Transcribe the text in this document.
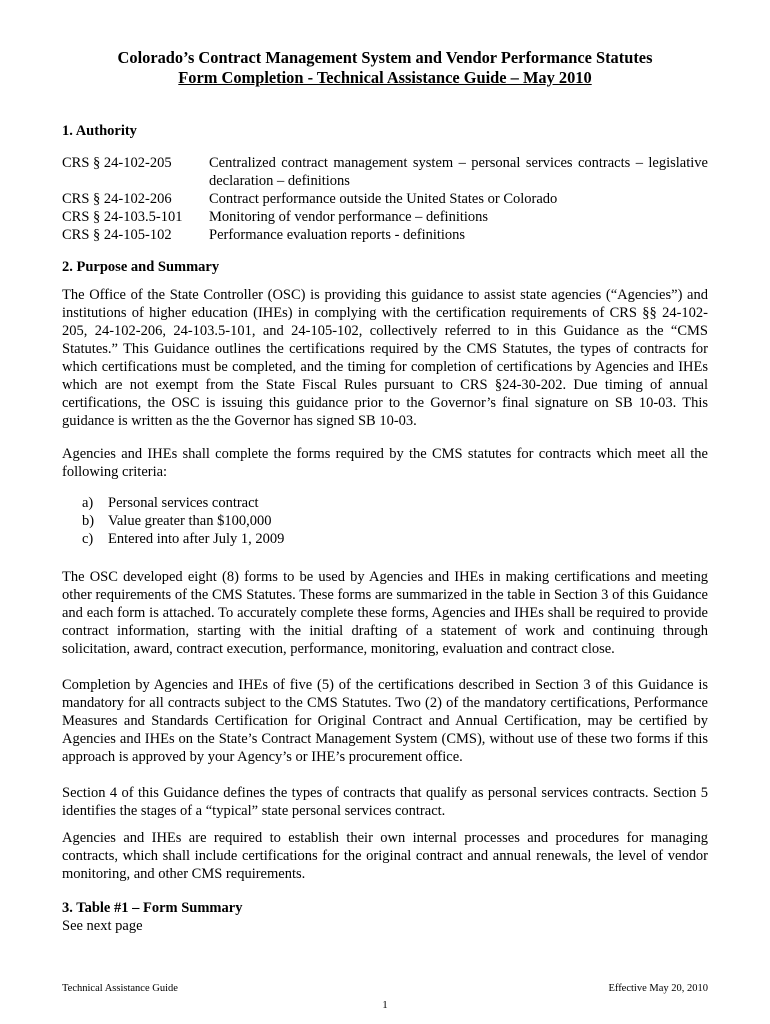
Colorado’s Contract Management System and Vendor Performance Statutes
Form Completion - Technical Assistance Guide – May 2010
1. Authority
CRS § 24-102-205	Centralized contract management system – personal services contracts – legislative declaration – definitions
CRS § 24-102-206	Contract performance outside the United States or Colorado
CRS § 24-103.5-101	Monitoring of vendor performance – definitions
CRS § 24-105-102	Performance evaluation reports - definitions
2. Purpose and Summary

The Office of the State Controller (OSC) is providing this guidance to assist state agencies (“Agencies”) and institutions of higher education (IHEs) in complying with the certification requirements of CRS §§ 24-102-205, 24-102-206, 24-103.5-101, and 24-105-102, collectively referred to in this Guidance as the “CMS Statutes.” This Guidance outlines the certifications required by the CMS Statutes, the types of contracts for which certifications must be completed, and the timing for completion of certifications by Agencies and IHEs which are not exempt from the State Fiscal Rules pursuant to CRS §24-30-202. Due timing of annual certifications, the OSC is issuing this guidance prior to the Governor’s final signature on SB 10-03. This guidance is written as the the Governor has signed SB 10-03.

Agencies and IHEs shall complete the forms required by the CMS statutes for contracts which meet all the following criteria:

a)	Personal services contract
b) Value greater than $100,000
c)	Entered into after July 1, 2009

The OSC developed eight (8) forms to be used by Agencies and IHEs in making certifications and meeting other requirements of the CMS Statutes. These forms are summarized in the table in Section 3 of this Guidance and each form is attached. To accurately complete these forms, Agencies and IHEs shall be required to provide contract information, starting with the initial drafting of a statement of work and continuing through solicitation, award, contract execution, performance, monitoring, evaluation and contract close.

Completion by Agencies and IHEs of five (5) of the certifications described in Section 3 of this Guidance is mandatory for all contracts subject to the CMS Statutes. Two (2) of the mandatory certifications, Performance Measures and Standards Certification for Original Contract and Annual Certification, may be certified by Agencies and IHEs on the State’s Contract Management System (CMS), without use of these two forms if this approach is approved by your Agency’s or IHE’s procurement office.

Section 4 of this Guidance defines the types of contracts that qualify as personal services contracts. Section 5 identifies the stages of a “typical” state personal services contract.

Agencies and IHEs are required to establish their own internal processes and procedures for managing contracts, which shall include certifications for the original contract and annual renewals, the level of vendor monitoring, and other CMS requirements.

3. Table #1 – Form Summary
See next page
Technical Assistance Guide	Effective May 20, 2010
1
